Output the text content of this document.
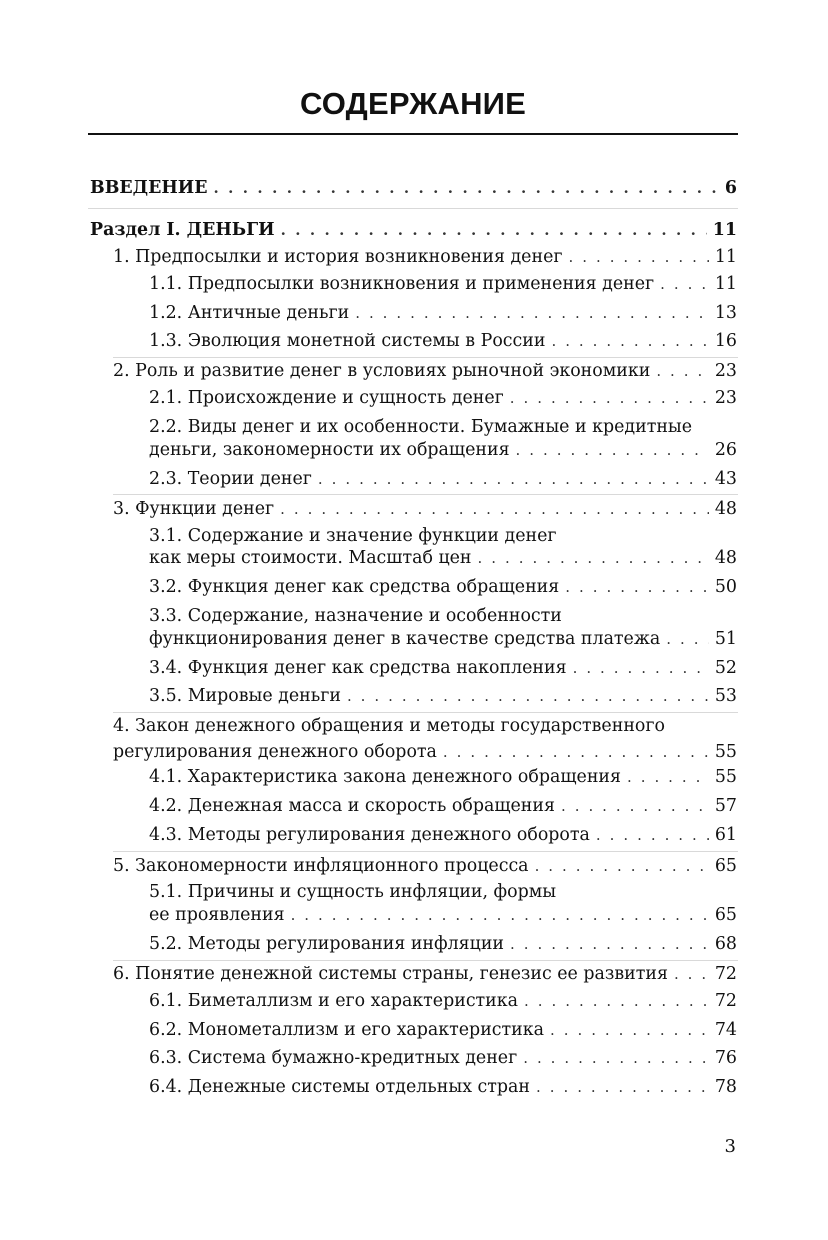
СОДЕРЖАНИЕ
ВВЕДЕНИЕ . . .	6
Раздел I. ДЕНЬГИ . . .	11
1. Предпосылки и история возникновения денег . . .	11
1.1. Предпосылки возникновения и применения денег . . .	11
1.2. Античные деньги . . .	13
1.3. Эволюция монетной системы в России . . .	16
2. Роль и развитие денег в условиях рыночной экономики . . .	23
2.1. Происхождение и сущность денег . . .	23
2.2. Виды денег и их особенности. Бумажные и кредитные
деньги, закономерности их обращения . . .	26
2.3. Теории денег . . .	43
3. Функции денег . . .	48
3.1. Содержание и значение функции денег
как меры стоимости. Масштаб цен . . .	48
3.2. Функция денег как средства обращения . . .	50
3.3. Содержание, назначение и особенности
функционирования денег в качестве средства платежа . . .	51
3.4. Функция денег как средства накопления . . .	52
3.5. Мировые деньги . . .	53
4. Закон денежного обращения и методы государственного
регулирования денежного оборота . . .	55
4.1. Характеристика закона денежного обращения . . .	55
4.2. Денежная масса и скорость обращения . . .	57
4.3. Методы регулирования денежного оборота . . .	61
5. Закономерности инфляционного процесса . . .	65
5.1. Причины и сущность инфляции, формы
ее проявления . . .	65
5.2. Методы регулирования инфляции . . .	68
6. Понятие денежной системы страны, генезис ее развития . . .	72
6.1. Биметаллизм и его характеристика . . .	72
6.2. Монометаллизм и его характеристика . . .	74
6.3. Система бумажно-кредитных денег . . .	76
6.4. Денежные системы отдельных стран . . .	78
3
